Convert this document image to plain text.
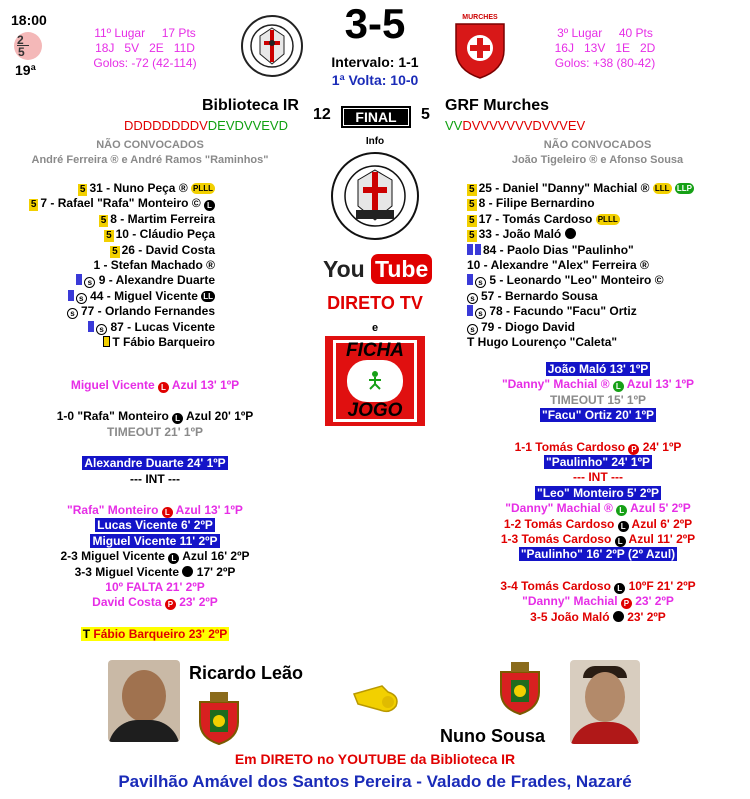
18:00
2
5
19ª
11º Lugar     17 Pts
18J   5V   2E   11D
Golos: -72 (42-114)
3-5
Intervalo: 1-1
1ª Volta: 10-0
MURCHES
3º Lugar     40 Pts
16J   13V   1E   2D
Golos: +38 (80-42)
Biblioteca IR
12	FINAL	5
GRF Murches
DDDDDDDDVDEVDVVEVD	VVDVVVVVVVDVVVEV
NÃO CONVOCADOS
André Ferreira ® e André Ramos "Raminhos"
NÃO CONVOCADOS
João Tigeleiro ® e Afonso Sousa
Info
You Tube
DIRETO TV
e
FICHA
JOGO
5 31 - Nuno Peça ® PLLL
5 7 - Rafael "Rafa" Monteiro © L
5 8 - Martim Ferreira
5 10 - Cláudio Peça
5 26 - David Costa
1 - Stefan Machado ®
s 9 - Alexandre Duarte
s 44 - Miguel Vicente LL
s 77 - Orlando Fernandes
s 87 - Lucas Vicente
T Fábio Barqueiro
5 25 - Daniel "Danny" Machial ® LLL LLP
5 8 - Filipe Bernardino
5 17 - Tomás Cardoso PLLL
5 33 - João Maló
84 - Paolo Dias "Paulinho"
10 - Alexandre "Alex" Ferreira ®
s 5 - Leonardo "Leo" Monteiro ©
s 57 - Bernardo Sousa
s 78 - Facundo "Facu" Ortiz
s 79 - Diogo David
T Hugo Lourenço "Caleta"
Miguel Vicente L Azul 13' 1ºP
1-0 "Rafa" Monteiro L Azul 20' 1ºP
TIMEOUT 21' 1ºP
Alexandre Duarte 24' 1ºP
--- INT ---
"Rafa" Monteiro L Azul 13' 1ºP
Lucas Vicente 6' 2ºP
Miguel Vicente 11' 2ºP
2-3 Miguel Vicente L Azul 16' 2ºP
3-3 Miguel Vicente  17' 2ºP
10º FALTA 21' 2ºP
David Costa P 23' 2ºP
T Fábio Barqueiro 23' 2ºP
João Maló 13' 1ºP
"Danny" Machial ® L Azul 13' 1ºP
TIMEOUT 15' 1ºP
"Facu" Ortiz 20' 1ºP
1-1 Tomás Cardoso P 24' 1ºP
"Paulinho" 24' 1ºP
--- INT ---
"Leo" Monteiro 5' 2ºP
"Danny" Machial ® L Azul 5' 2ºP
1-2 Tomás Cardoso L Azul 6' 2ºP
1-3 Tomás Cardoso L Azul 11' 2ºP
"Paulinho" 16' 2ºP (2º Azul)
3-4 Tomás Cardoso L 10ºF 21' 2ºP
"Danny" Machial P 23' 2ºP
3-5 João Maló  23' 2ºP
Ricardo Leão
Nuno Sousa
Em DIRETO no YOUTUBE da Biblioteca IR
Pavilhão Amável dos Santos Pereira - Valado de Frades, Nazaré
